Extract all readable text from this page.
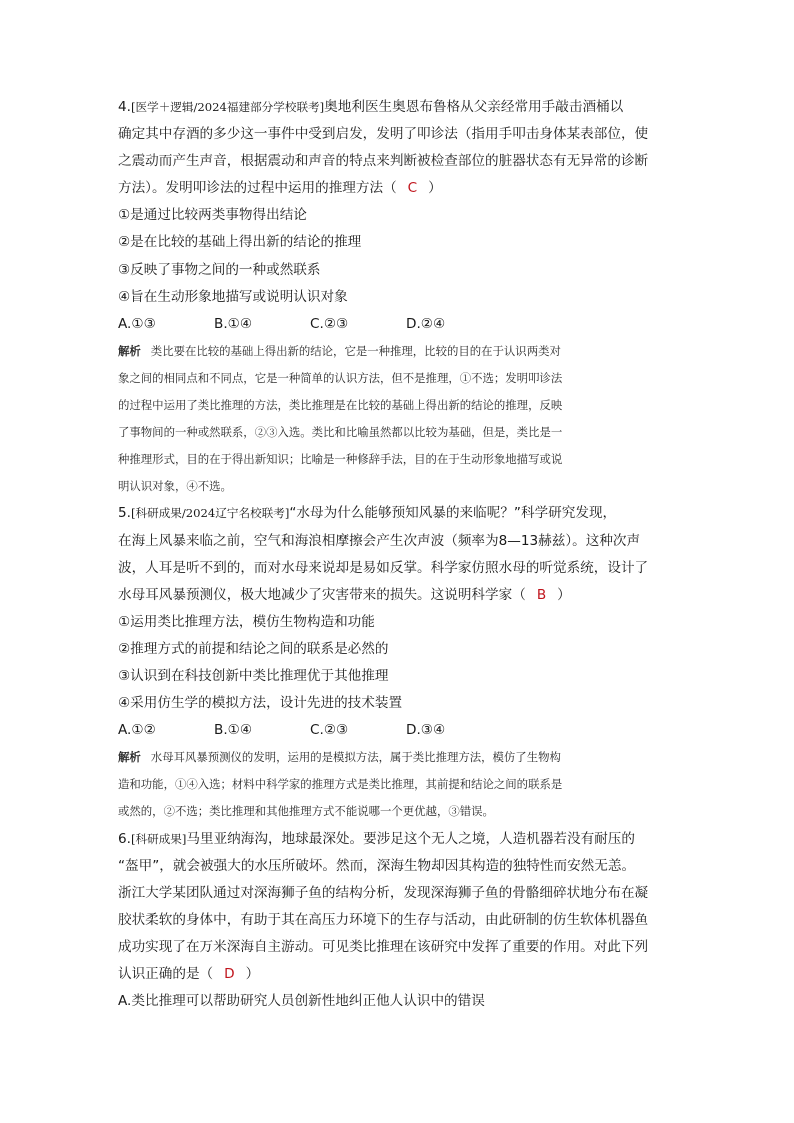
4.[医学＋逻辑/2024福建部分学校联考]奥地利医生奥恩布鲁格从父亲经常用手敲击酒桶以
确定其中存酒的多少这一事件中受到启发，发明了叩诊法（指用手叩击身体某表部位，使
之震动而产生声音，根据震动和声音的特点来判断被检查部位的脏器状态有无异常的诊断
方法）。发明叩诊法的过程中运用的推理方法（ C ）
①是通过比较两类事物得出结论
②是在比较的基础上得出新的结论的推理
③反映了事物之间的一种或然联系
④旨在生动形象地描写或说明认识对象
A.①③	B.①④	C.②③	D.②④
解析 类比要在比较的基础上得出新的结论，它是一种推理，比较的目的在于认识两类对
象之间的相同点和不同点，它是一种简单的认识方法，但不是推理，①不选；发明叩诊法
的过程中运用了类比推理的方法，类比推理是在比较的基础上得出新的结论的推理，反映
了事物间的一种或然联系，②③入选。类比和比喻虽然都以比较为基础，但是，类比是一
种推理形式，目的在于得出新知识；比喻是一种修辞手法，目的在于生动形象地描写或说
明认识对象，④不选。
5.[科研成果/2024辽宁名校联考]“水母为什么能够预知风暴的来临呢？”科学研究发现，
在海上风暴来临之前，空气和海浪相摩擦会产生次声波（频率为8—13赫兹）。这种次声
波，人耳是听不到的，而对水母来说却是易如反掌。科学家仿照水母的听觉系统，设计了
水母耳风暴预测仪，极大地减少了灾害带来的损失。这说明科学家（ B ）
①运用类比推理方法，模仿生物构造和功能
②推理方式的前提和结论之间的联系是必然的
③认识到在科技创新中类比推理优于其他推理
④采用仿生学的模拟方法，设计先进的技术装置
A.①②	B.①④	C.②③	D.③④
解析 水母耳风暴预测仪的发明，运用的是模拟方法，属于类比推理方法，模仿了生物构
造和功能，①④入选；材料中科学家的推理方式是类比推理，其前提和结论之间的联系是
或然的，②不选；类比推理和其他推理方式不能说哪一个更优越，③错误。
6.[科研成果]马里亚纳海沟，地球最深处。要涉足这个无人之境，人造机器若没有耐压的
“盔甲”，就会被强大的水压所破坏。然而，深海生物却因其构造的独特性而安然无恙。
浙江大学某团队通过对深海狮子鱼的结构分析，发现深海狮子鱼的骨骼细碎状地分布在凝
胶状柔软的身体中，有助于其在高压力环境下的生存与活动，由此研制的仿生软体机器鱼
成功实现了在万米深海自主游动。可见类比推理在该研究中发挥了重要的作用。对此下列
认识正确的是（ D ）
A.类比推理可以帮助研究人员创新性地纠正他人认识中的错误
